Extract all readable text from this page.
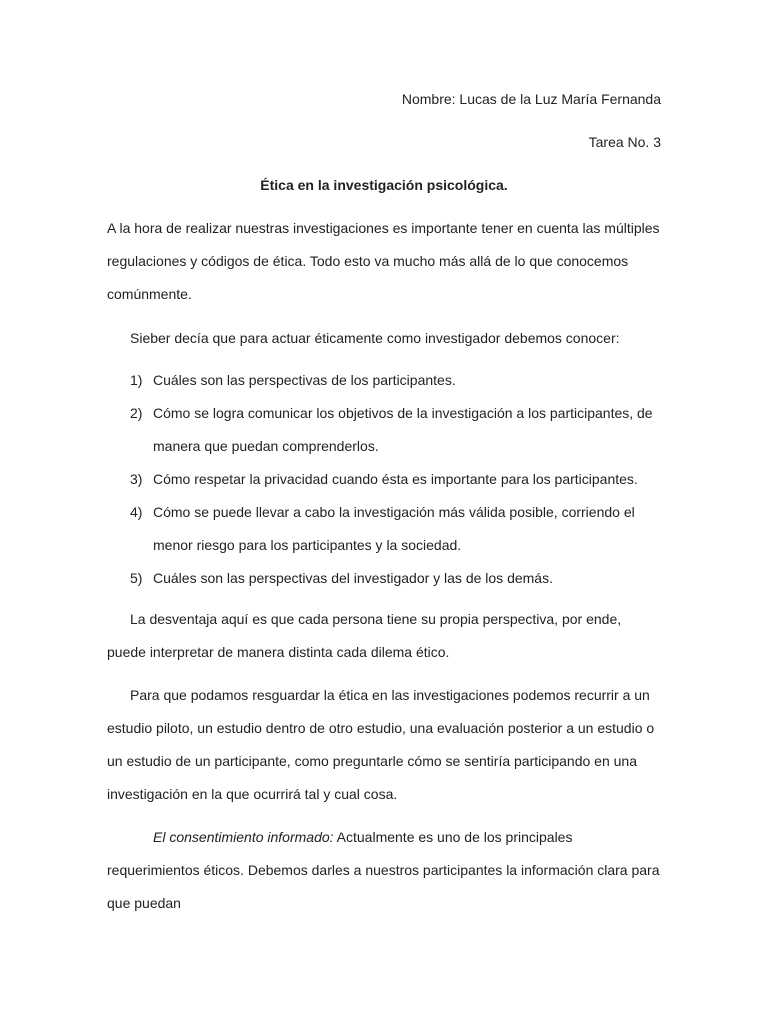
Nombre: Lucas de la Luz María Fernanda

Tarea No. 3

Ética en la investigación psicológica.

A la hora de realizar nuestras investigaciones es importante tener en cuenta las múltiples regulaciones y códigos de ética. Todo esto va mucho más allá de lo que conocemos comúnmente.

Sieber decía que para actuar éticamente como investigador debemos conocer:

1) Cuáles son las perspectivas de los participantes.
2) Cómo se logra comunicar los objetivos de la investigación a los participantes, de manera que puedan comprenderlos.
3) Cómo respetar la privacidad cuando ésta es importante para los participantes.
4) Cómo se puede llevar a cabo la investigación más válida posible, corriendo el menor riesgo para los participantes y la sociedad.
5) Cuáles son las perspectivas del investigador y las de los demás.

La desventaja aquí es que cada persona tiene su propia perspectiva, por ende, puede interpretar de manera distinta cada dilema ético.

Para que podamos resguardar la ética en las investigaciones podemos recurrir a un estudio piloto, un estudio dentro de otro estudio, una evaluación posterior a un estudio o un estudio de un participante, como preguntarle cómo se sentiría participando en una investigación en la que ocurrirá tal y cual cosa.

El consentimiento informado: Actualmente es uno de los principales requerimientos éticos. Debemos darles a nuestros participantes la información clara para que puedan
